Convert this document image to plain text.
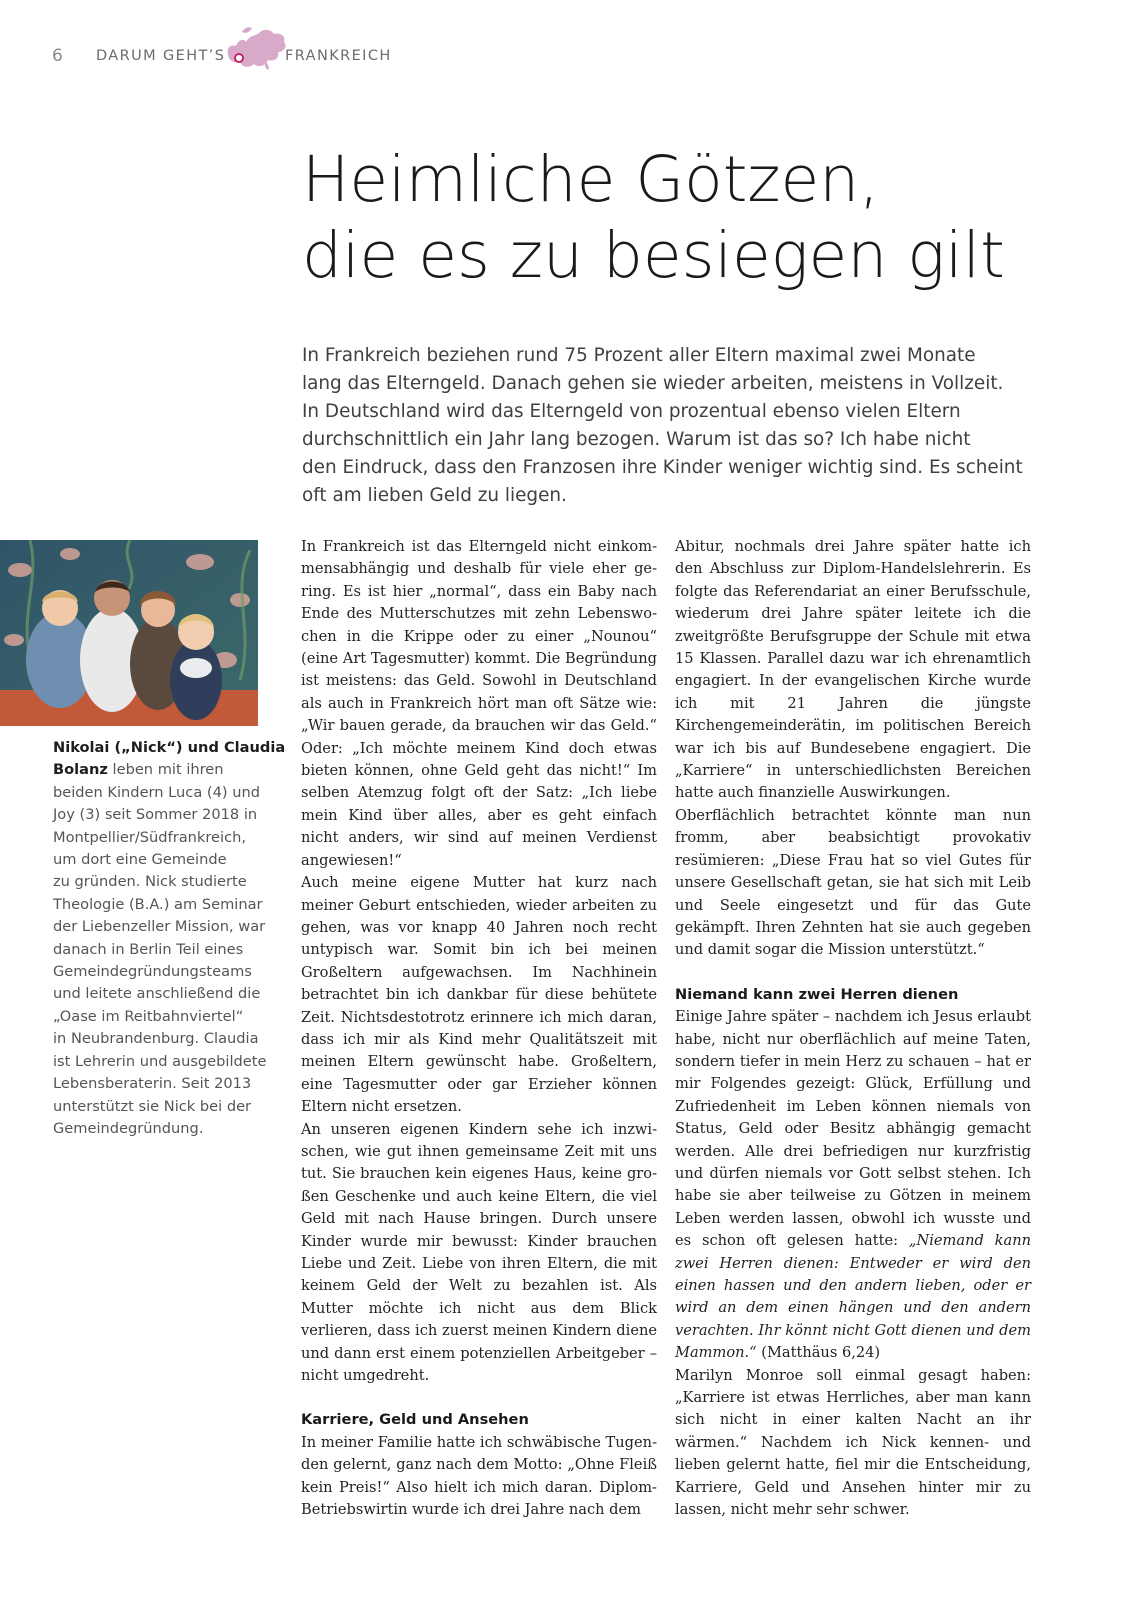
6 DARUM GEHT’S	FRANKREICH
Heimliche Götzen,
die es zu besiegen gilt
In Frankreich beziehen rund 75 Prozent aller Eltern maximal zwei Monate
lang das Elterngeld. Danach gehen sie wieder arbeiten, meistens in Vollzeit.
In Deutschland wird das Elterngeld von prozentual ebenso vielen Eltern
durchschnittlich ein Jahr lang bezogen. Warum ist das so? Ich habe nicht
den Eindruck, dass den Franzosen ihre Kinder weniger wichtig sind. Es scheint
oft am lieben Geld zu liegen.
Nikolai („Nick“) und Claudia
Bolanz leben mit ihren
beiden Kindern Luca (4) und
Joy (3) seit Sommer 2018 in
Montpellier/Südfrankreich,
um dort eine Gemeinde
zu gründen. Nick studierte
Theologie (B.A.) am Seminar
der Liebenzeller Mission, war
danach in Berlin Teil eines
Gemeindegründungsteams
und leitete anschließend die
„Oase im Reitbahnviertel“
in Neubrandenburg. Claudia
ist Lehrerin und ausgebildete
Lebensberaterin. Seit 2013
unterstützt sie Nick bei der
Gemeindegründung.

In Frankreich ist das Elterngeld nicht einkommensabhängig und deshalb für viele eher gering. Es ist hier „normal“, dass ein Baby nach Ende des Mutterschutzes mit zehn Lebenswochen in die Krippe oder zu einer „Nounou“ (eine Art Tagesmutter) kommt. Die Begründung ist meistens: das Geld. Sowohl in Deutschland als auch in Frankreich hört man oft Sätze wie: „Wir bauen gerade, da brauchen wir das Geld.“ Oder: „Ich möchte meinem Kind doch etwas bieten können, ohne Geld geht das nicht!“ Im selben Atemzug folgt oft der Satz: „Ich liebe mein Kind über alles, aber es geht einfach nicht anders, wir sind auf meinen Verdienst angewiesen!“

Auch meine eigene Mutter hat kurz nach meiner Geburt entschieden, wieder arbeiten zu gehen, was vor knapp 40 Jahren noch recht untypisch war. Somit bin ich bei meinen Großeltern aufgewachsen. Im Nachhinein betrachtet bin ich dankbar für diese behütete Zeit. Nichtsdestotrotz erinnere ich mich daran, dass ich mir als Kind mehr Qualitätszeit mit meinen Eltern gewünscht habe. Großeltern, eine Tagesmutter oder gar Erzieher können Eltern nicht ersetzen.

An unseren eigenen Kindern sehe ich inzwischen, wie gut ihnen gemeinsame Zeit mit uns tut. Sie brauchen kein eigenes Haus, keine großen Geschenke und auch keine Eltern, die viel Geld mit nach Hause bringen. Durch unsere Kinder wurde mir bewusst: Kinder brauchen Liebe und Zeit. Liebe von ihren Eltern, die mit keinem Geld der Welt zu bezahlen ist. Als Mutter möchte ich nicht aus dem Blick verlieren, dass ich zuerst meinen Kindern diene und dann erst einem potenziellen Arbeitgeber – nicht umgedreht.

Karriere, Geld und Ansehen

In meiner Familie hatte ich schwäbische Tugenden gelernt, ganz nach dem Motto: „Ohne Fleiß kein Preis!“ Also hielt ich mich daran. Diplom-Betriebswirtin wurde ich drei Jahre nach dem

Abitur, nochmals drei Jahre später hatte ich den Abschluss zur Diplom-Handelslehrerin. Es folgte das Referendariat an einer Berufsschule, wiederum drei Jahre später leitete ich die zweitgrößte Berufsgruppe der Schule mit etwa 15 Klassen. Parallel dazu war ich ehrenamtlich engagiert. In der evangelischen Kirche wurde ich mit 21 Jahren die jüngste Kirchengemeinderätin, im politischen Bereich war ich bis auf Bundesebene engagiert. Die „Karriere“ in unterschiedlichsten Bereichen hatte auch finanzielle Auswirkungen.

Oberflächlich betrachtet könnte man nun fromm, aber beabsichtigt provokativ resümieren: „Diese Frau hat so viel Gutes für unsere Gesellschaft getan, sie hat sich mit Leib und Seele eingesetzt und für das Gute gekämpft. Ihren Zehnten hat sie auch gegeben und damit sogar die Mission unterstützt.“

Niemand kann zwei Herren dienen

Einige Jahre später – nachdem ich Jesus erlaubt habe, nicht nur oberflächlich auf meine Taten, sondern tiefer in mein Herz zu schauen – hat er mir Folgendes gezeigt: Glück, Erfüllung und Zufriedenheit im Leben können niemals von Status, Geld oder Besitz abhängig gemacht werden. Alle drei befriedigen nur kurzfristig und dürfen niemals vor Gott selbst stehen. Ich habe sie aber teilweise zu Götzen in meinem Leben werden lassen, obwohl ich wusste und es schon oft gelesen hatte: „Niemand kann zwei Herren dienen: Entweder er wird den einen hassen und den andern lieben, oder er wird an dem einen hängen und den andern verachten. Ihr könnt nicht Gott dienen und dem Mammon.“ (Matthäus 6,24)

Marilyn Monroe soll einmal gesagt haben: „Karriere ist etwas Herrliches, aber man kann sich nicht in einer kalten Nacht an ihr wärmen.“ Nachdem ich Nick kennen- und lieben gelernt hatte, fiel mir die Entscheidung, Karriere, Geld und Ansehen hinter mir zu lassen, nicht mehr sehr schwer.
